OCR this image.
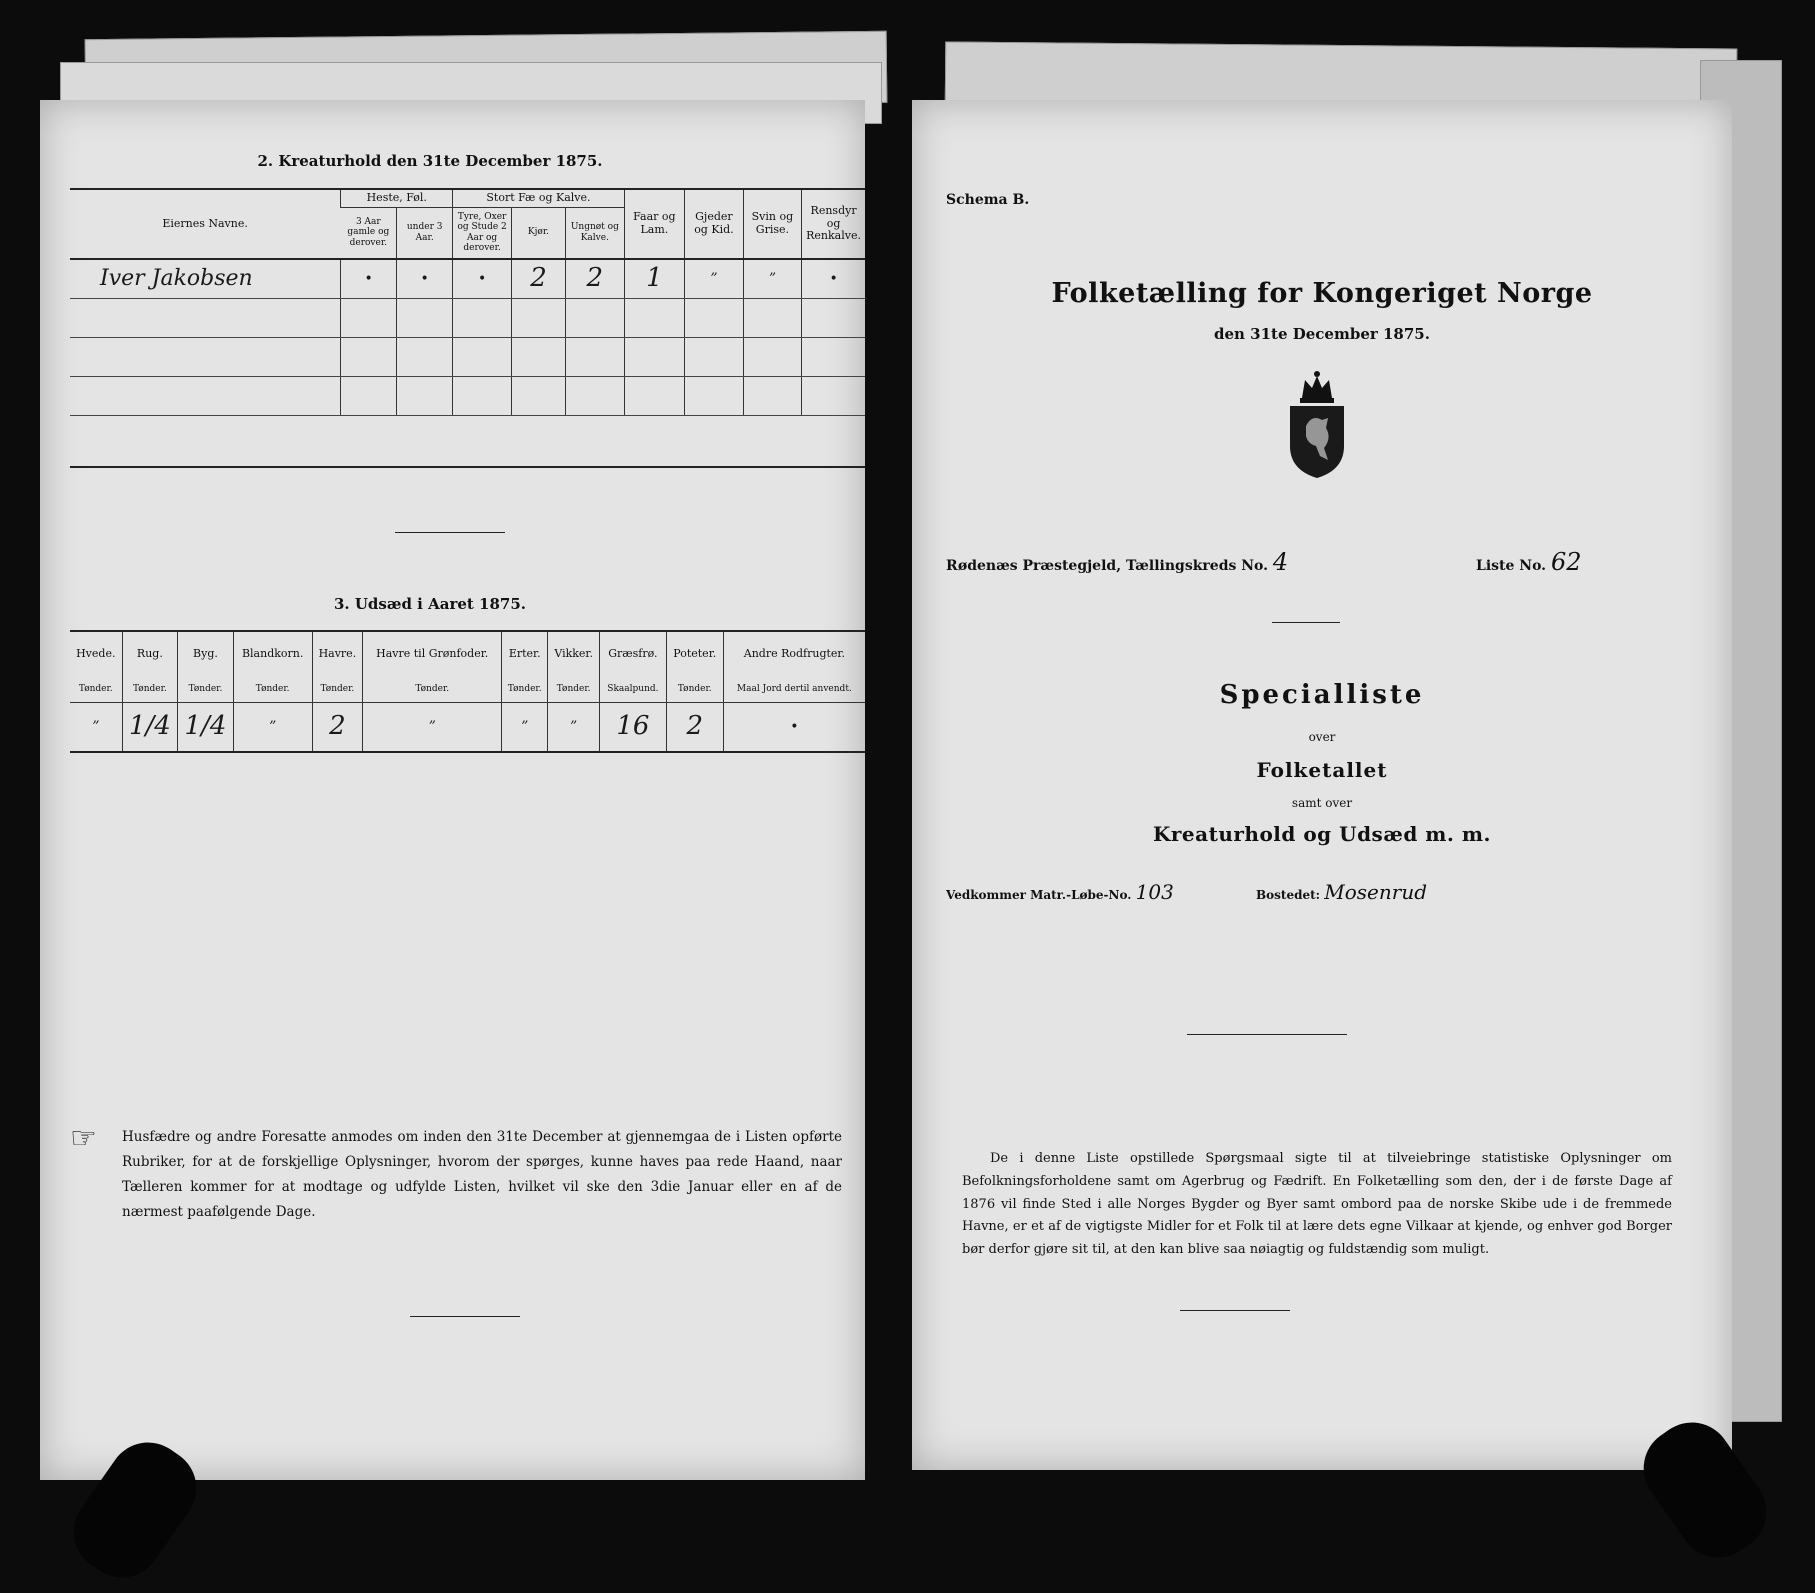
2. Kreaturhold den 31te December 1875.
Eiernes Navne.	Heste, Føl.		Stort Fæ og Kalve.			Faar og Lam.	Gjeder og Kid.	Svin og Grise.	Rensdyr og Renkalve.
	3 Aar gamle og derover.	under 3 Aar.	Tyre, Oxer og Stude 2 Aar og derover.	Kjør.	Ungnøt og Kalve.				
Iver Jakobsen	•	•	•	2	2	1	”	”	•

3. Udsæd i Aaret 1875.
Hvede.	Rug.	Byg.	Blandkorn.	Havre.	Havre til Grønfoder.	Erter.	Vikker.	Græsfrø.	Poteter.	Andre Rodfrugter.
Tønder.	Tønder.	Tønder.	Tønder.	Tønder.	Tønder.	Tønder.	Tønder.	Skaalpund.	Tønder.	Maal Jord dertil anvendt.
”	1/4	1/4	”	2	”	”	”	16	2	•
☞ Husfædre og andre Foresatte anmodes om inden den 31te December at gjennemgaa de i Listen opførte Rubriker, for at de forskjellige Oplysninger, hvorom der spørges, kunne haves paa rede Haand, naar Tælleren kommer for at modtage og udfylde Listen, hvilket vil ske den 3die Januar eller en af de nærmest paafølgende Dage.
Schema B.
Folketælling for Kongeriget Norge
den 31te December 1875.
Rødenæs Præstegjeld, Tællingskreds No. 4	Liste No. 62
Specialliste
over
Folketallet
samt over
Kreaturhold og Udsæd m. m.
Vedkommer Matr.-Løbe-No. 103	Bostedet: Mosenrud
De i denne Liste opstillede Spørgsmaal sigte til at tilveiebringe statistiske Oplysninger om Befolkningsforholdene samt om Agerbrug og Fædrift. En Folketælling som den, der i de første Dage af 1876 vil finde Sted i alle Norges Bygder og Byer samt ombord paa de norske Skibe ude i de fremmede Havne, er et af de vigtigste Midler for et Folk til at lære dets egne Vilkaar at kjende, og enhver god Borger bør derfor gjøre sit til, at den kan blive saa nøiagtig og fuldstændig som muligt.
